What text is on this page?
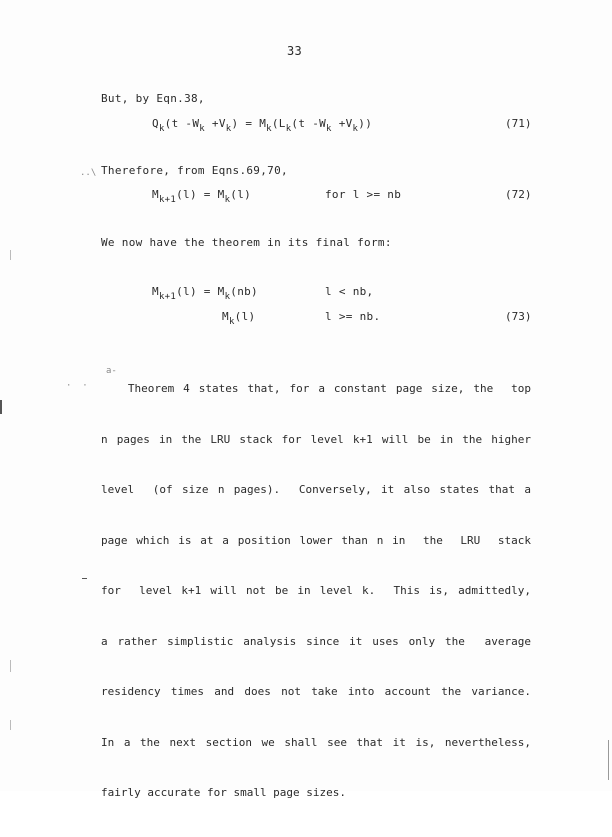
33
But, by Eqn.38,
$Q_k(t$ $-W_k +V_k) = M_k(L_k(t$ $-W_k +V_k$))	(71)
..\ Therefore, from Eqns.69,70,
$M_{k+1}(l) = M_k(l)$	for l >= nb	(72)
We now have the theorem in its final form:
$M_{k+1}(l) = M_k(nb)$	l < nb,
$M_k(l)$	l >= nb.	(73)
a-
·  ·

Theorem 4 states that, for a constant page size, the  top

n pages in the LRU stack for level k+1 will be in the higher

level  (of size n pages).  Conversely, it also states that a

page which is at a position lower than n in  the  LRU  stack

for  level k+1 will not be in level k.  This is, admittedly,

a rather simplistic analysis since it uses only the  average

residency times and does not take into account the variance.

In a the next section we shall see that it is, nevertheless,

fairly accurate for small page sizes.
